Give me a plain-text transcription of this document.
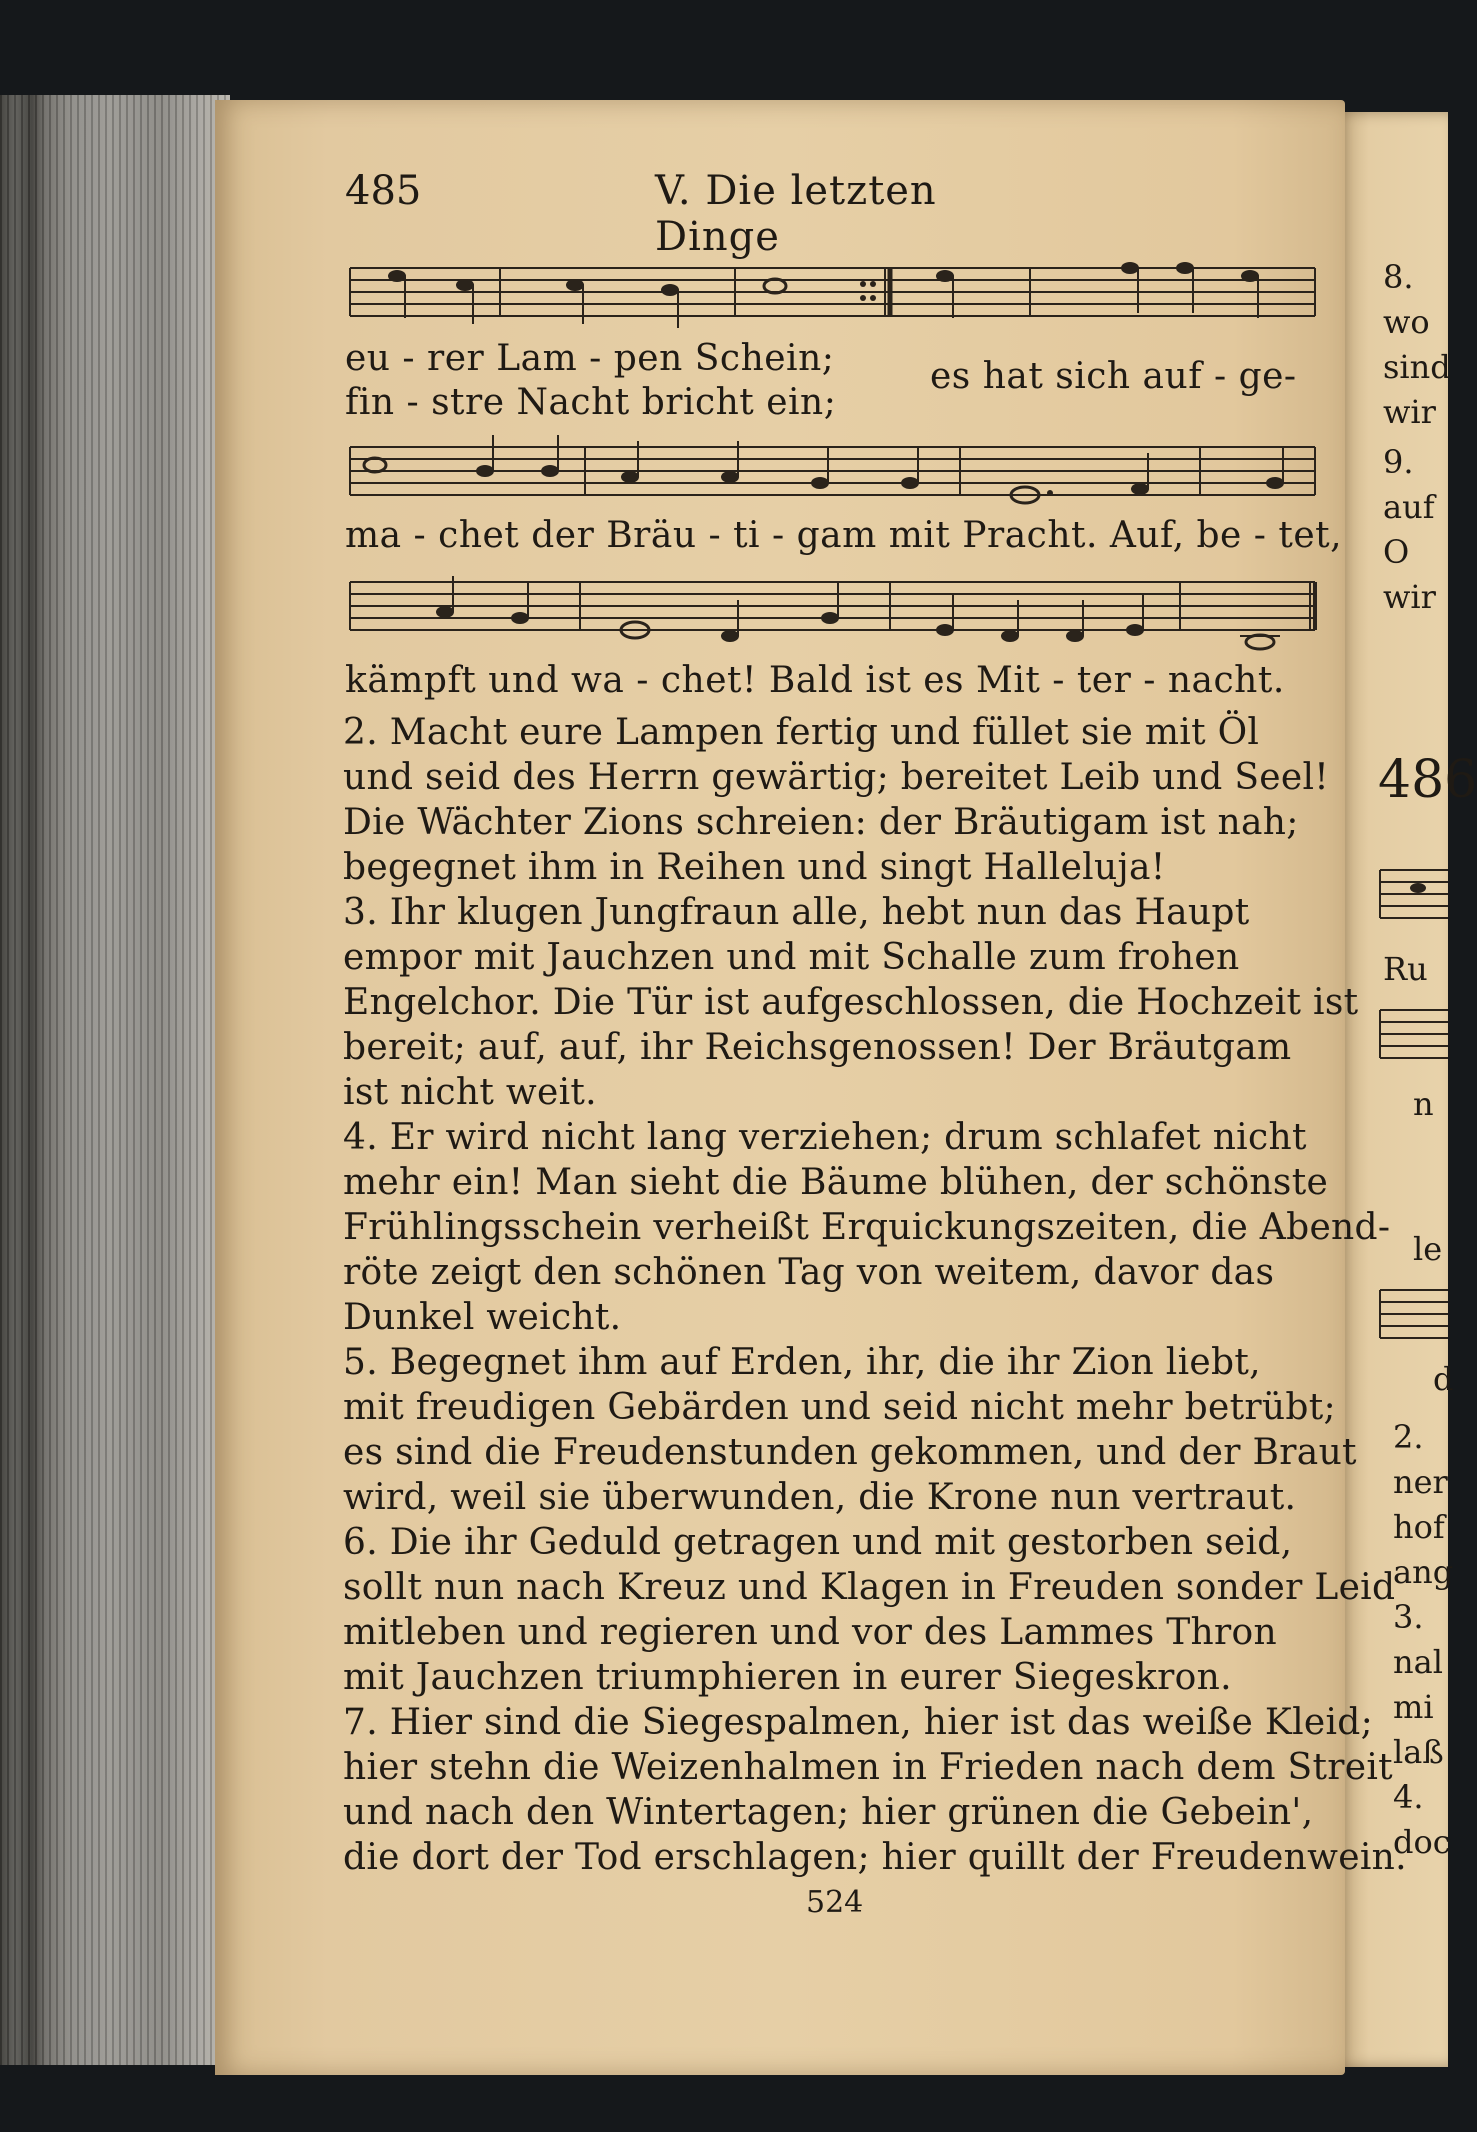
485	V. Die letzten Dinge
eu - rer Lam - pen Schein;	es hat sich auf - ge-
fin - stre Nacht bricht ein;
ma - chet der Bräu - ti - gam mit Pracht. Auf, be - tet,
kämpft und wa - chet! Bald ist es Mit - ter - nacht.
2. Macht eure Lampen fertig und füllet sie mit Öl
und seid des Herrn gewärtig; bereitet Leib und Seel!
Die Wächter Zions schreien: der Bräutigam ist nah;
begegnet ihm in Reihen und singt Halleluja!
3. Ihr klugen Jungfraun alle, hebt nun das Haupt
empor mit Jauchzen und mit Schalle zum frohen
Engelchor. Die Tür ist aufgeschlossen, die Hochzeit ist
bereit; auf, auf, ihr Reichsgenossen! Der Bräutgam
ist nicht weit.
4. Er wird nicht lang verziehen; drum schlafet nicht
mehr ein! Man sieht die Bäume blühen, der schönste
Frühlingsschein verheißt Erquickungszeiten, die Abend-
röte zeigt den schönen Tag von weitem, davor das
Dunkel weicht.
5. Begegnet ihm auf Erden, ihr, die ihr Zion liebt,
mit freudigen Gebärden und seid nicht mehr betrübt;
es sind die Freudenstunden gekommen, und der Braut
wird, weil sie überwunden, die Krone nun vertraut.
6. Die ihr Geduld getragen und mit gestorben seid,
sollt nun nach Kreuz und Klagen in Freuden sonder Leid
mitleben und regieren und vor des Lammes Thron
mit Jauchzen triumphieren in eurer Siegeskron.
7. Hier sind die Siegespalmen, hier ist das weiße Kleid;
hier stehn die Weizenhalmen in Frieden nach dem Streit
und nach den Wintertagen; hier grünen die Gebein',
die dort der Tod erschlagen; hier quillt der Freudenwein.
524
8.
wo
sind
wir
9.
auf
O
wir
486
Ru
n
le
d
2.
ner
hof
ang
3.
nal
mi
laß
4.
doc
